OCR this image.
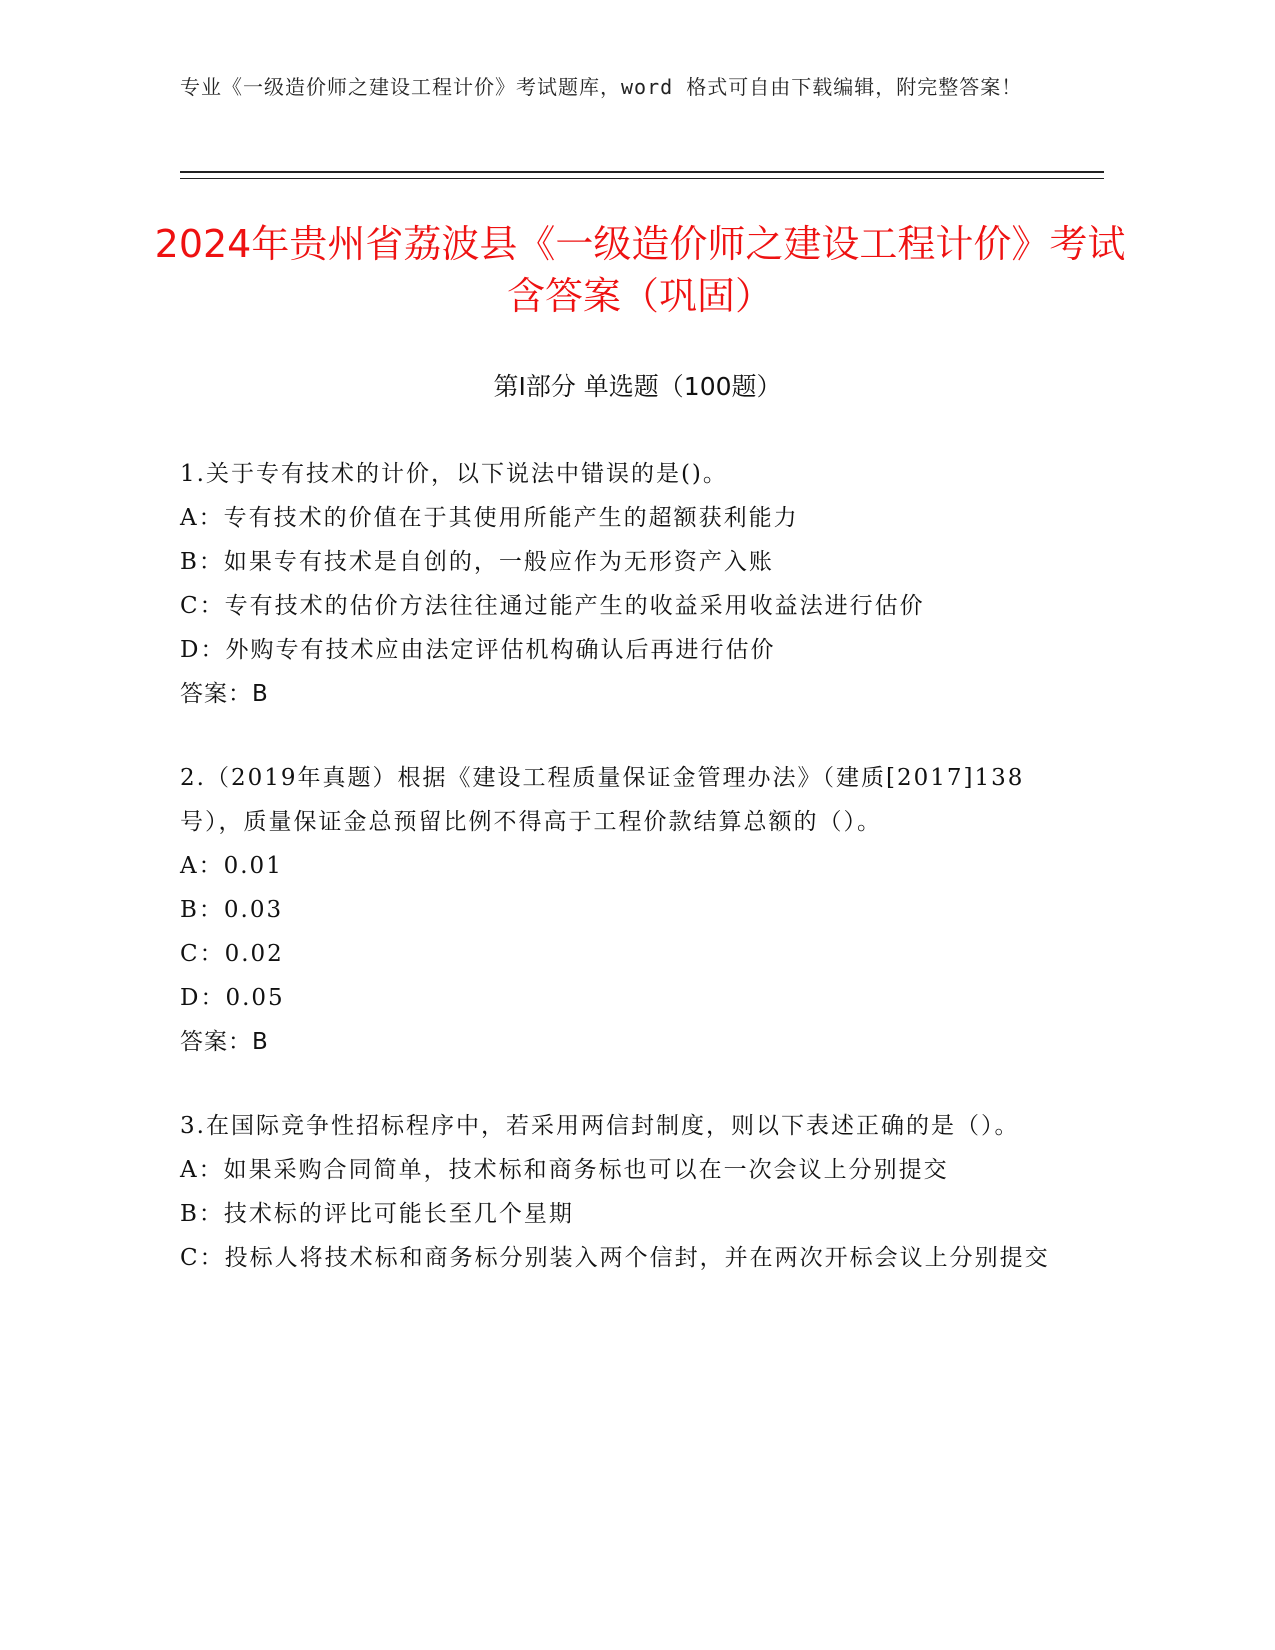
专业《一级造价师之建设工程计价》考试题库，word 格式可自由下载编辑，附完整答案！
2024年贵州省荔波县《一级造价师之建设工程计价》考试含答案（巩固）
第Ⅰ部分 单选题（100题）

1.关于专有技术的计价，以下说法中错误的是()。

A：专有技术的价值在于其使用所能产生的超额获利能力

B：如果专有技术是自创的，一般应作为无形资产入账

C：专有技术的估价方法往往通过能产生的收益采用收益法进行估价

D：外购专有技术应由法定评估机构确认后再进行估价

答案：B

2.（2019年真题）根据《建设工程质量保证金管理办法》（建质[2017]138号），质量保证金总预留比例不得高于工程价款结算总额的（）。

A：0.01

B：0.03

C：0.02

D：0.05

答案：B

3.在国际竞争性招标程序中，若采用两信封制度，则以下表述正确的是（）。

A：如果采购合同简单，技术标和商务标也可以在一次会议上分别提交

B：技术标的评比可能长至几个星期

C：投标人将技术标和商务标分别装入两个信封，并在两次开标会议上分别提交
